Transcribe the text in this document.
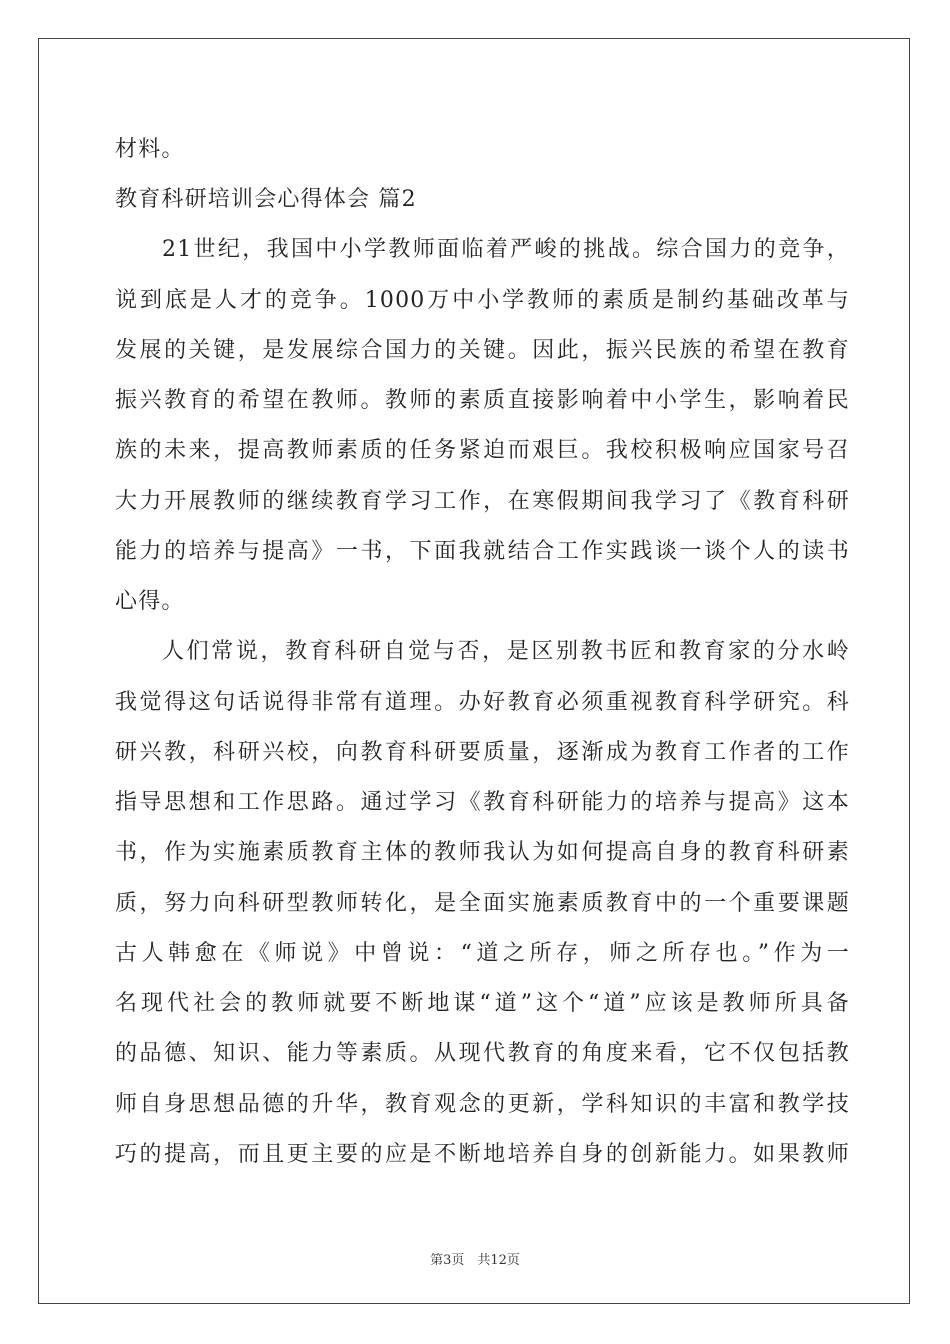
材料。
教育科研培训会心得体会 篇2
21世纪，我国中小学教师面临着严峻的挑战。综合国力的竞争，
说到底是人才的竞争。1000万中小学教师的素质是制约基础改革与
发展的关键，是发展综合国力的关键。因此，振兴民族的希望在教育
振兴教育的希望在教师。教师的素质直接影响着中小学生，影响着民
族的未来，提高教师素质的任务紧迫而艰巨。我校积极响应国家号召
大力开展教师的继续教育学习工作，在寒假期间我学习了《教育科研
能力的培养与提高》一书，下面我就结合工作实践谈一谈个人的读书
心得。
人们常说，教育科研自觉与否，是区别教书匠和教育家的分水岭
我觉得这句话说得非常有道理。办好教育必须重视教育科学研究。科
研兴教，科研兴校，向教育科研要质量，逐渐成为教育工作者的工作
指导思想和工作思路。通过学习《教育科研能力的培养与提高》这本
书，作为实施素质教育主体的教师我认为如何提高自身的教育科研素
质，努力向科研型教师转化，是全面实施素质教育中的一个重要课题
古人韩愈在《师说》中曾说：“道之所存，师之所存也。”作为一
名现代社会的教师就要不断地谋“道”这个“道”应该是教师所具备
的品德、知识、能力等素质。从现代教育的角度来看，它不仅包括教
师自身思想品德的升华，教育观念的更新，学科知识的丰富和教学技
巧的提高，而且更主要的应是不断地培养自身的创新能力。如果教师
第3页　共12页
